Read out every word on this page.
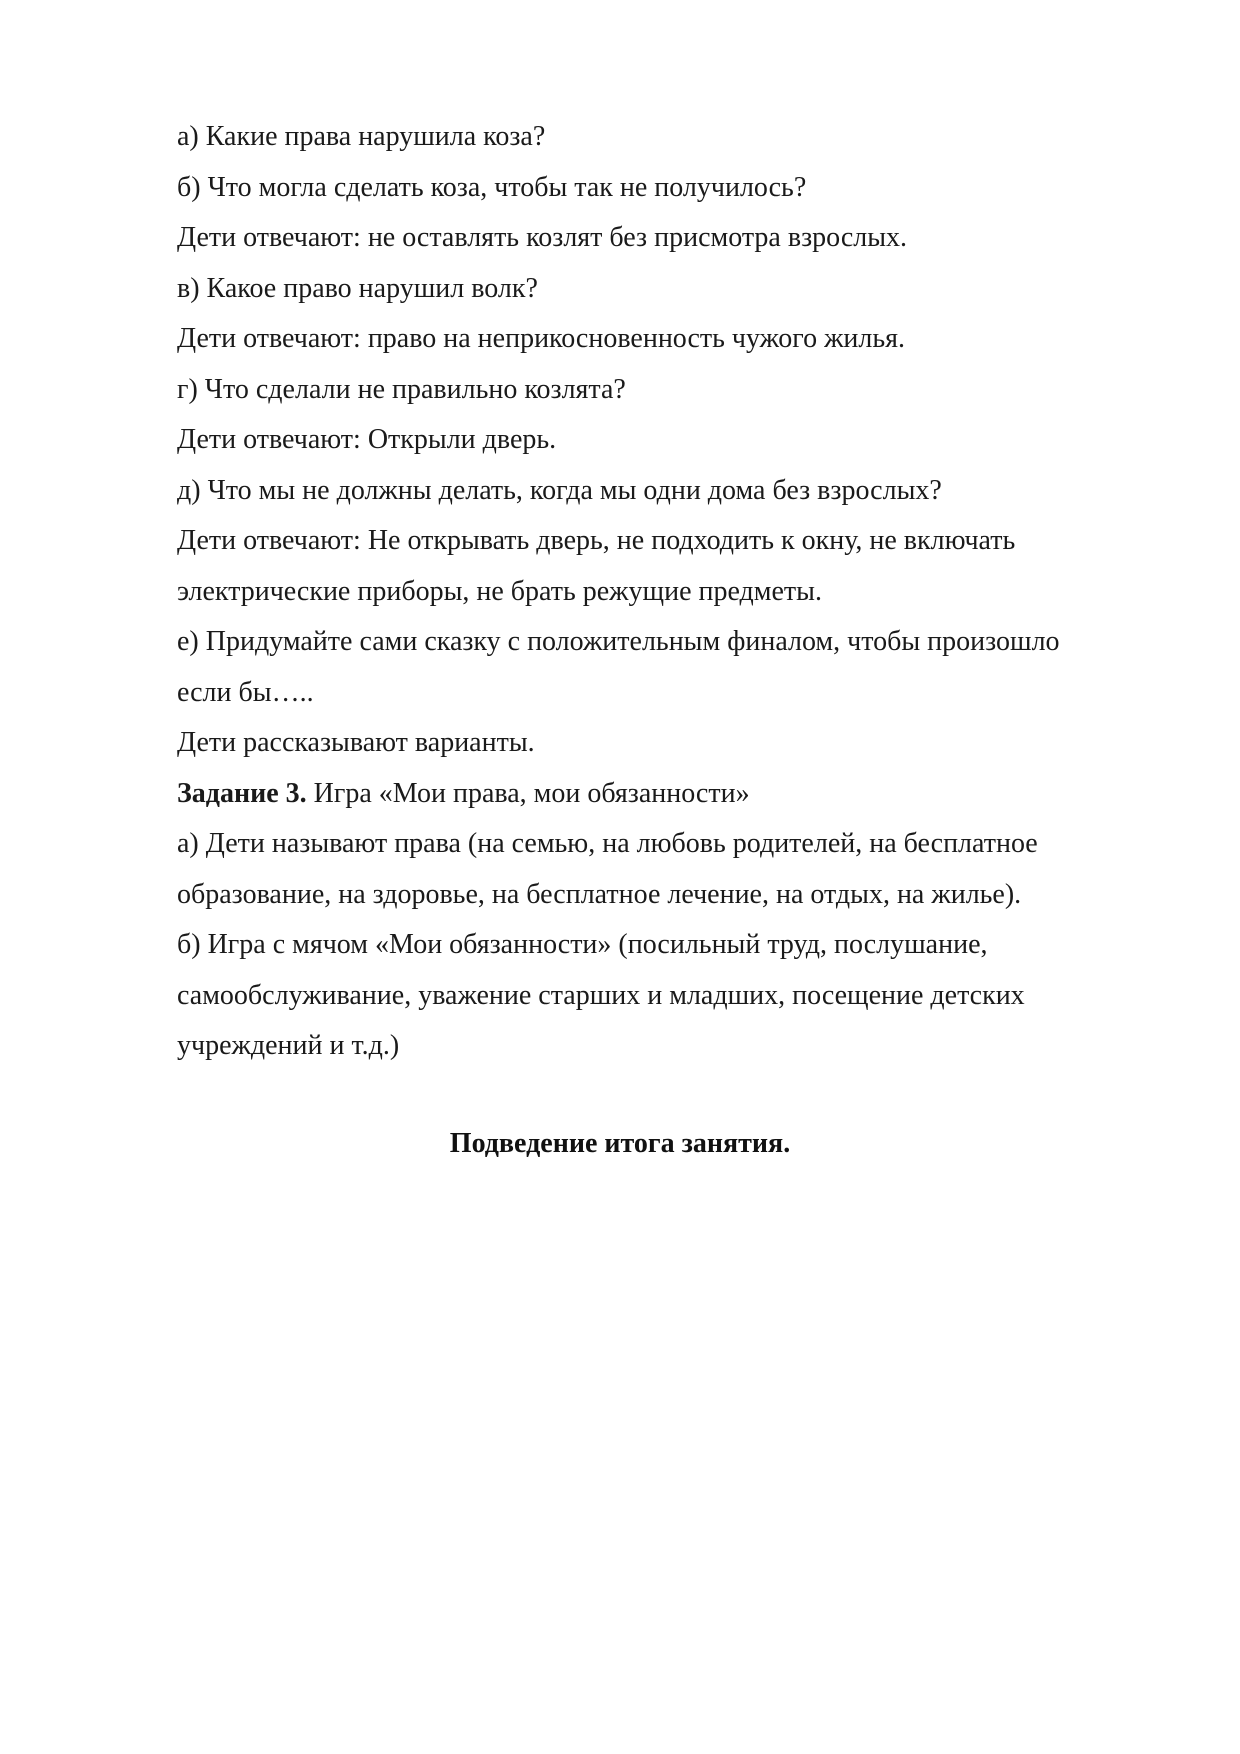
а) Какие права нарушила коза?

б) Что могла сделать коза, чтобы так не получилось?

Дети отвечают: не оставлять козлят без присмотра взрослых.

в) Какое право нарушил волк?

Дети отвечают: право на неприкосновенность чужого жилья.

г) Что сделали не правильно козлята?

Дети отвечают: Открыли дверь.

д) Что мы не должны делать, когда мы одни дома без взрослых?

Дети отвечают: Не открывать дверь, не подходить к окну, не включать

электрические приборы, не брать режущие предметы.

е) Придумайте сами сказку с положительным финалом, чтобы произошло

если бы…..

Дети рассказывают варианты.

Задание 3. Игра «Мои права, мои обязанности»

а) Дети называют права (на семью, на любовь родителей, на бесплатное

образование, на здоровье, на бесплатное лечение, на отдых, на жилье).

б) Игра с мячом «Мои обязанности» (посильный труд, послушание,

самообслуживание, уважение старших и младших, посещение детских

учреждений и т.д.)

Подведение итога занятия.
